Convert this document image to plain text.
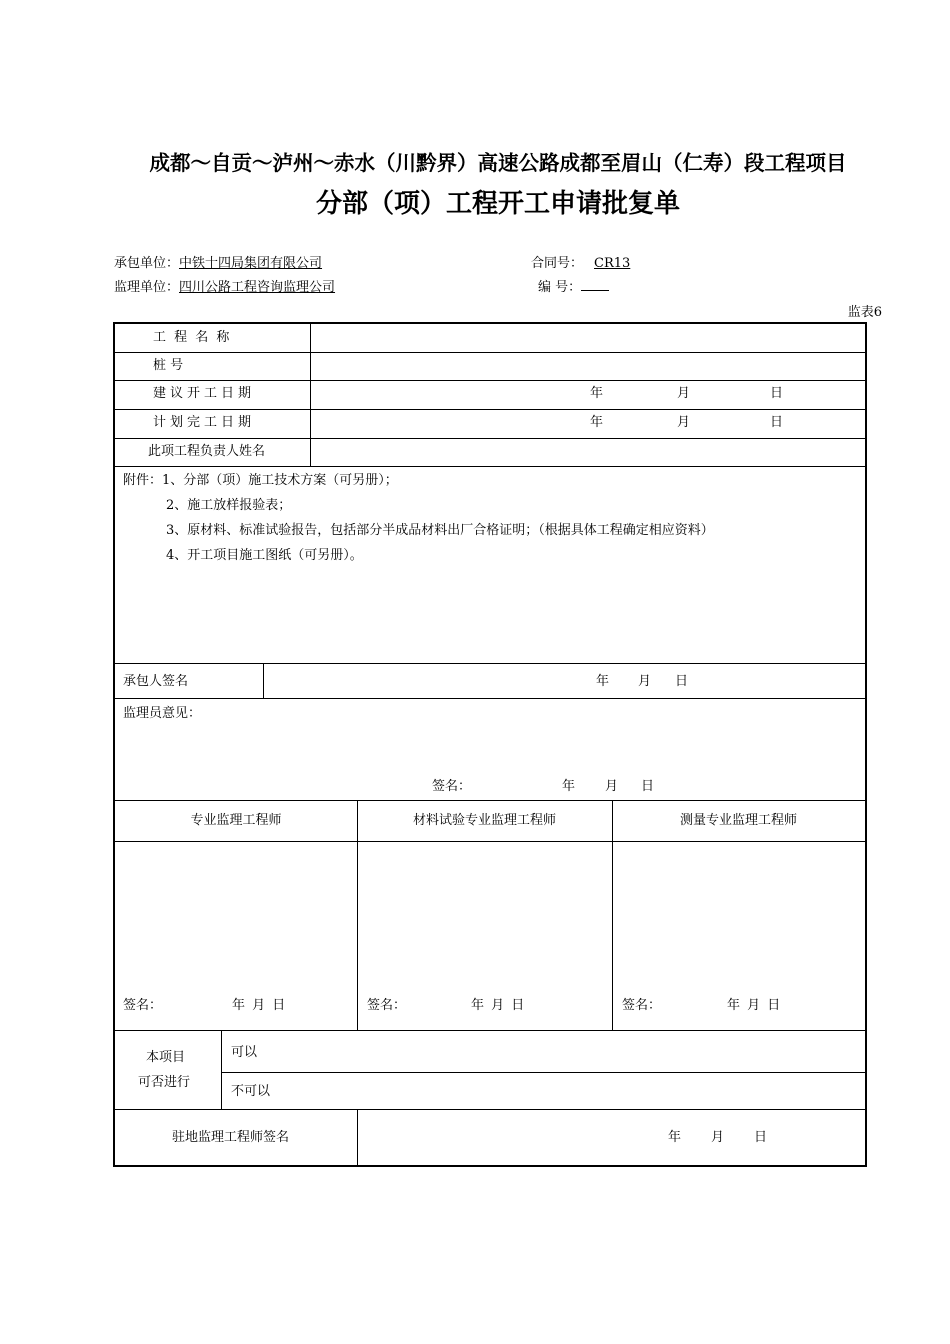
成都～自贡～泸州～赤水（川黔界）高速公路成都至眉山（仁寿）段工程项目
分部（项）工程开工申请批复单
承包单位：中铁十四局集团有限公司	合同号： CR13
监理单位：四川公路工程咨询监理公司	编 号：
监表6
工 程 名 称
桩 号
建议开工日期	年	月	日
计划完工日期	年	月	日
此项工程负责人姓名
附件：1、分部（项）施工技术方案（可另册）；
2、施工放样报验表；
3、原材料、标准试验报告，包括部分半成品材料出厂合格证明；（根据具体工程确定相应资料）
4、开工项目施工图纸（可另册）。
承包人签名	年 月 日
监理员意见：
签名：	年 月 日
专业监理工程师	材料试验专业监理工程师	测量专业监理工程师
签名：	年 月 日	签名：	年 月 日	签名：	年 月 日
本项目
可否进行
可以
不可以
驻地监理工程师签名	年 月 日
